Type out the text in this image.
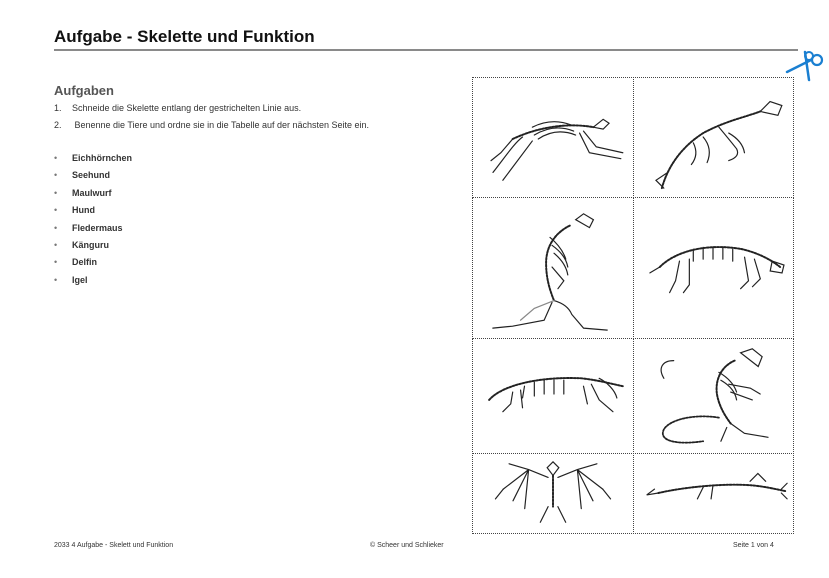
Aufgabe - Skelette und Funktion
Aufgaben
1. Schneide die Skelette entlang der gestrichelten Linie aus.
2. Benenne die Tiere und ordne sie in die Tabelle auf der nächsten Seite ein.
• Eichhörnchen
• Seehund
• Maulwurf
• Hund
• Fledermaus
• Känguru
• Delfin
• Igel
2033 4 Aufgabe - Skelett und Funktion	© Scheer und Schlieker	Seite 1 von 4
